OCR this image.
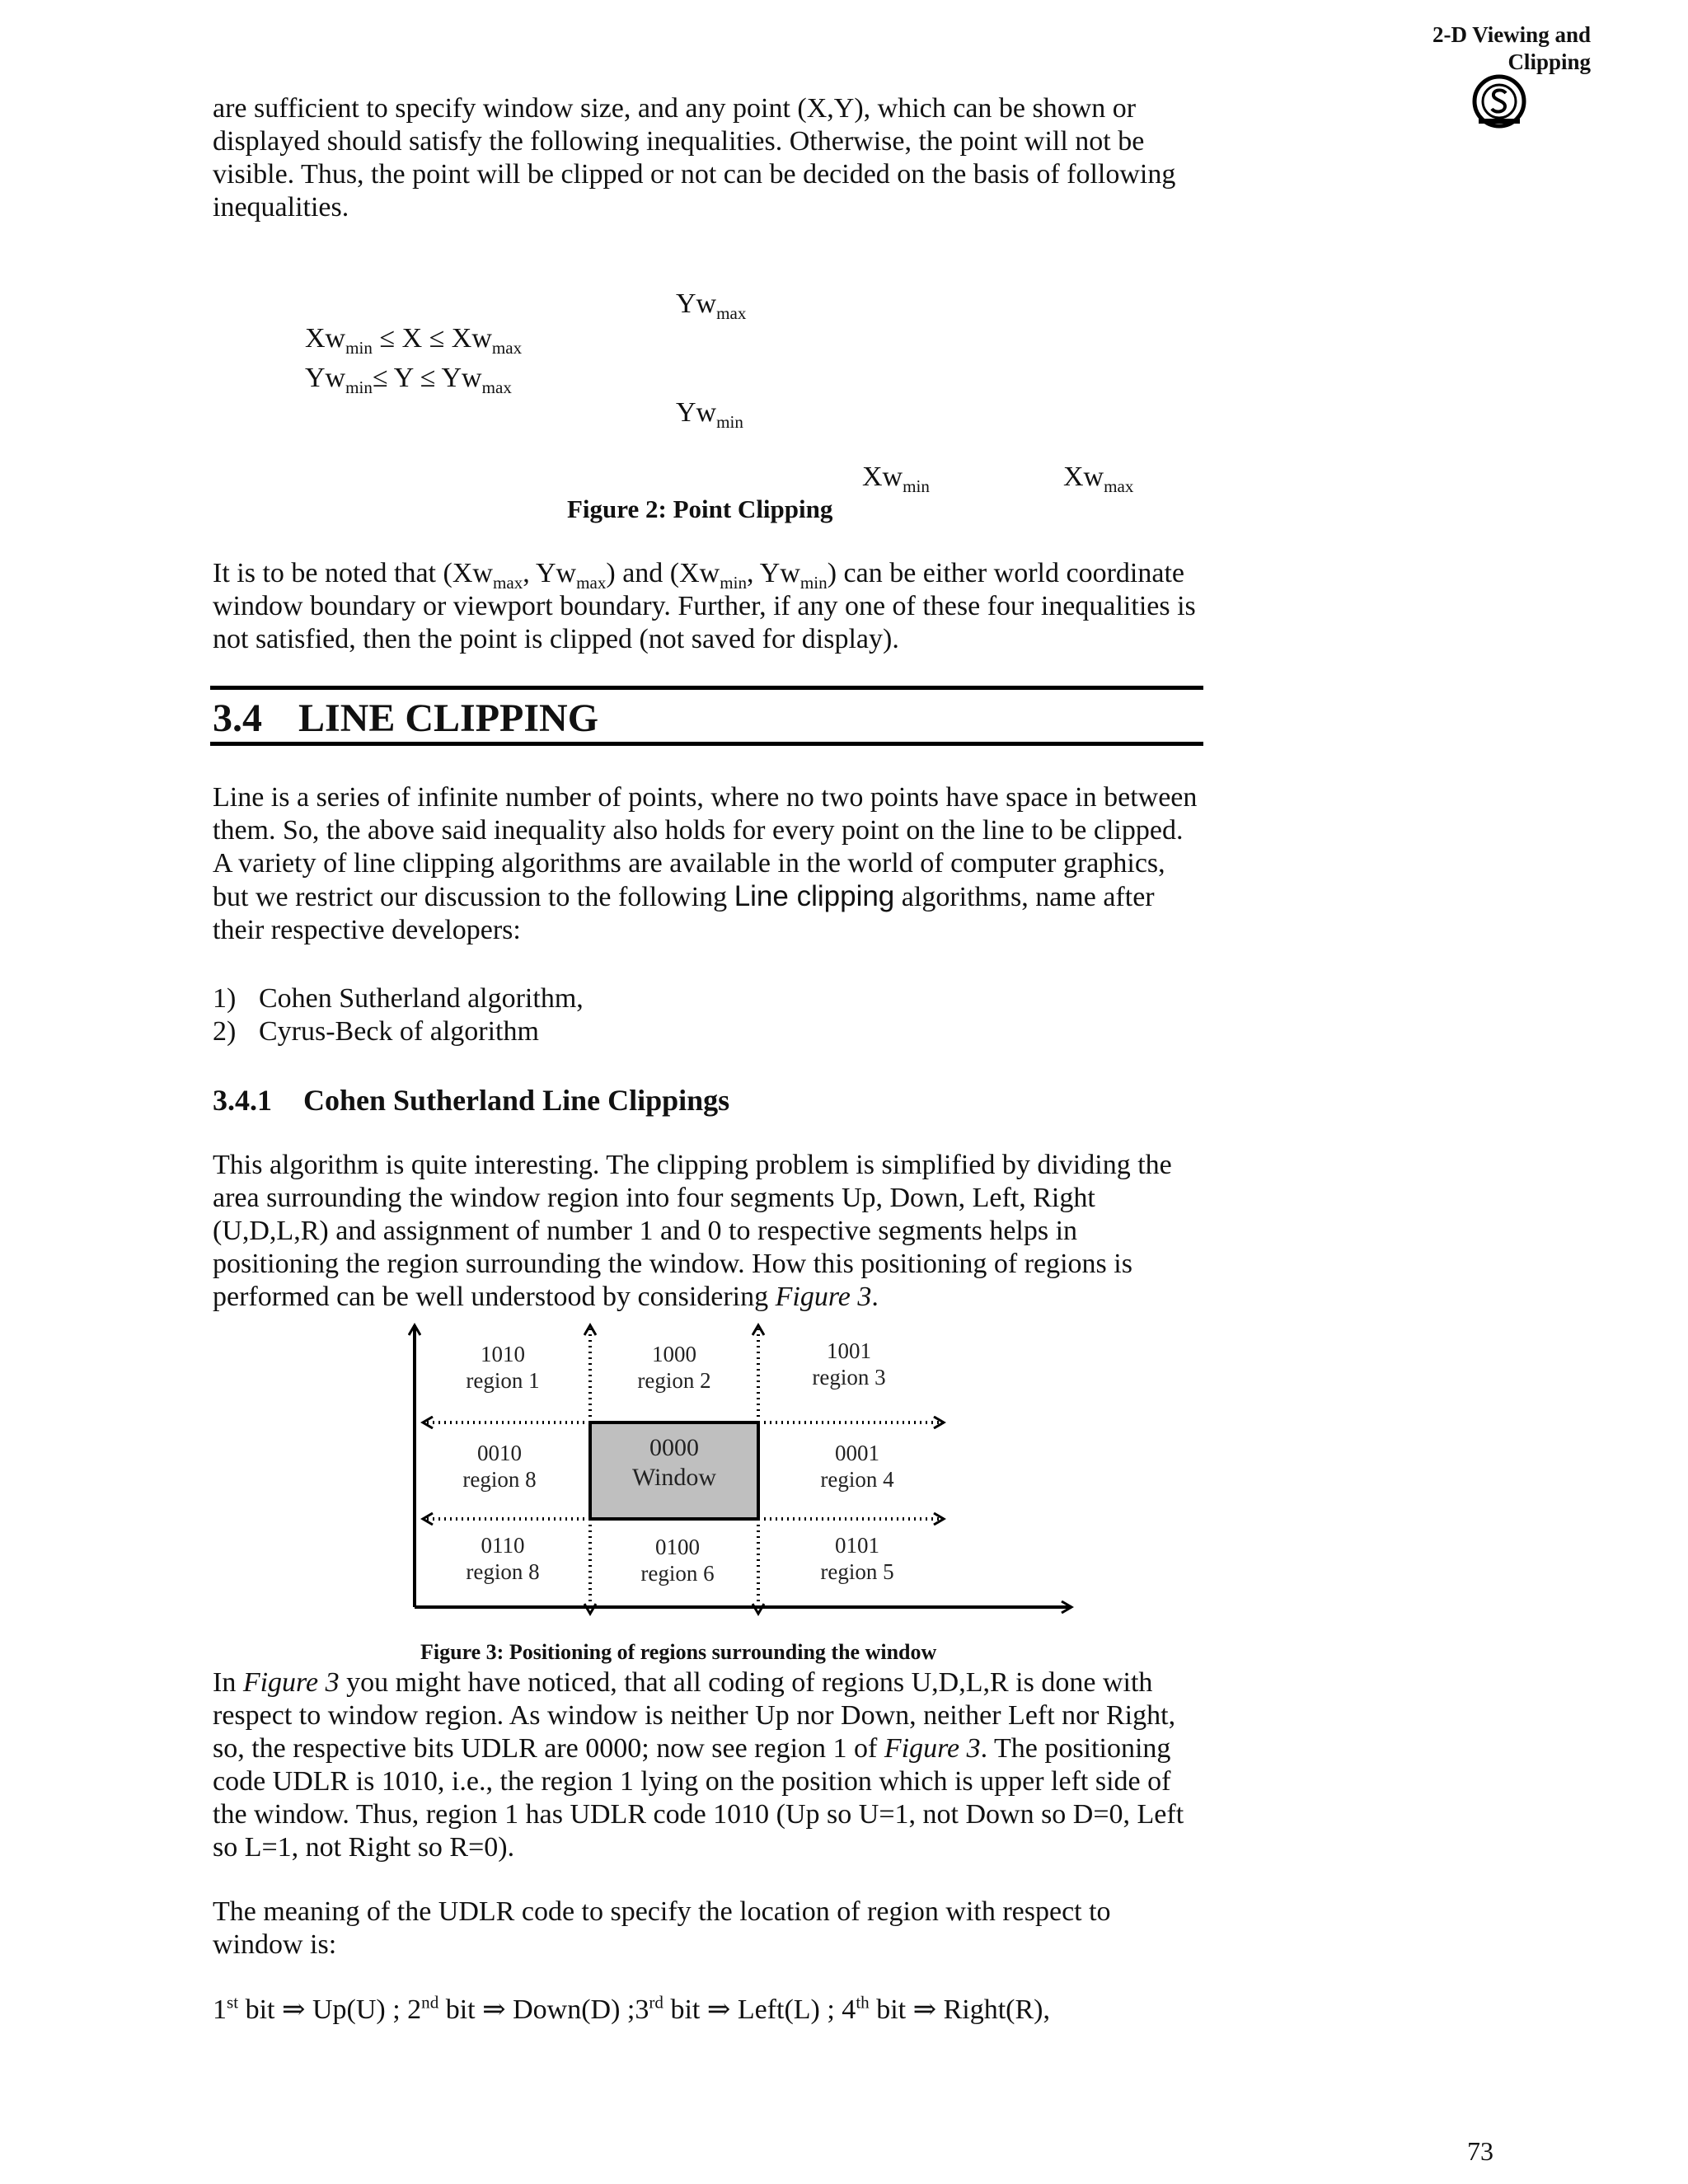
2-D Viewing and
Clipping

are sufficient to specify window size, and any point (X,Y), which can be shown or displayed should satisfy the following inequalities. Otherwise, the point will not be visible. Thus, the point will be clipped or not can be decided on the basis of following inequalities.

$Xw_{min} \le X \le Xw_{max}$
$Yw_{min}\le Y \le Yw_{max}$
$Yw_{max}$
$Yw_{min}$
$Xw_{min}$	$Xw_{max}$
Figure 2: Point Clipping

It is to be noted that ($Xw_{max}$, $Yw_{max}$) and ($Xw_{min}$, $Yw_{min}$) can be either world coordinate window boundary or viewport boundary. Further, if any one of these four inequalities is not satisfied, then the point is clipped (not saved for display).

3.4 LINE CLIPPING

Line is a series of infinite number of points, where no two points have space in between them. So, the above said inequality also holds for every point on the line to be clipped. A variety of line clipping algorithms are available in the world of computer graphics, but we restrict our discussion to the following Line clipping algorithms, name after their respective developers:

1) Cohen Sutherland algorithm,
2) Cyrus-Beck of algorithm
3.4.1 Cohen Sutherland Line Clippings

This algorithm is quite interesting. The clipping problem is simplified by dividing the area surrounding the window region into four segments Up, Down, Left, Right (U,D,L,R) and assignment of number 1 and 0 to respective segments helps in positioning the region surrounding the window. How this positioning of regions is performed can be well understood by considering Figure 3.

1010
region 1
1000
region 2
1001
region 3
0010
region 8
0000
Window
0001
region 4
0110
region 8
0100
region 6
0101
region 5
Figure 3: Positioning of regions surrounding the window

In Figure 3 you might have noticed, that all coding of regions U,D,L,R is done with respect to window region. As window is neither Up nor Down, neither Left nor Right, so, the respective bits UDLR are 0000; now see region 1 of Figure 3. The positioning code UDLR is 1010, i.e., the region 1 lying on the position which is upper left side of the window. Thus, region 1 has UDLR code 1010 (Up so U=1, not Down so D=0, Left so L=1, not Right so R=0).

The meaning of the UDLR code to specify the location of region with respect to window is:

1st bit ⇒ Up(U) ; 2nd bit ⇒ Down(D) ;3rd bit ⇒ Left(L) ; 4th bit ⇒ Right(R),
73
